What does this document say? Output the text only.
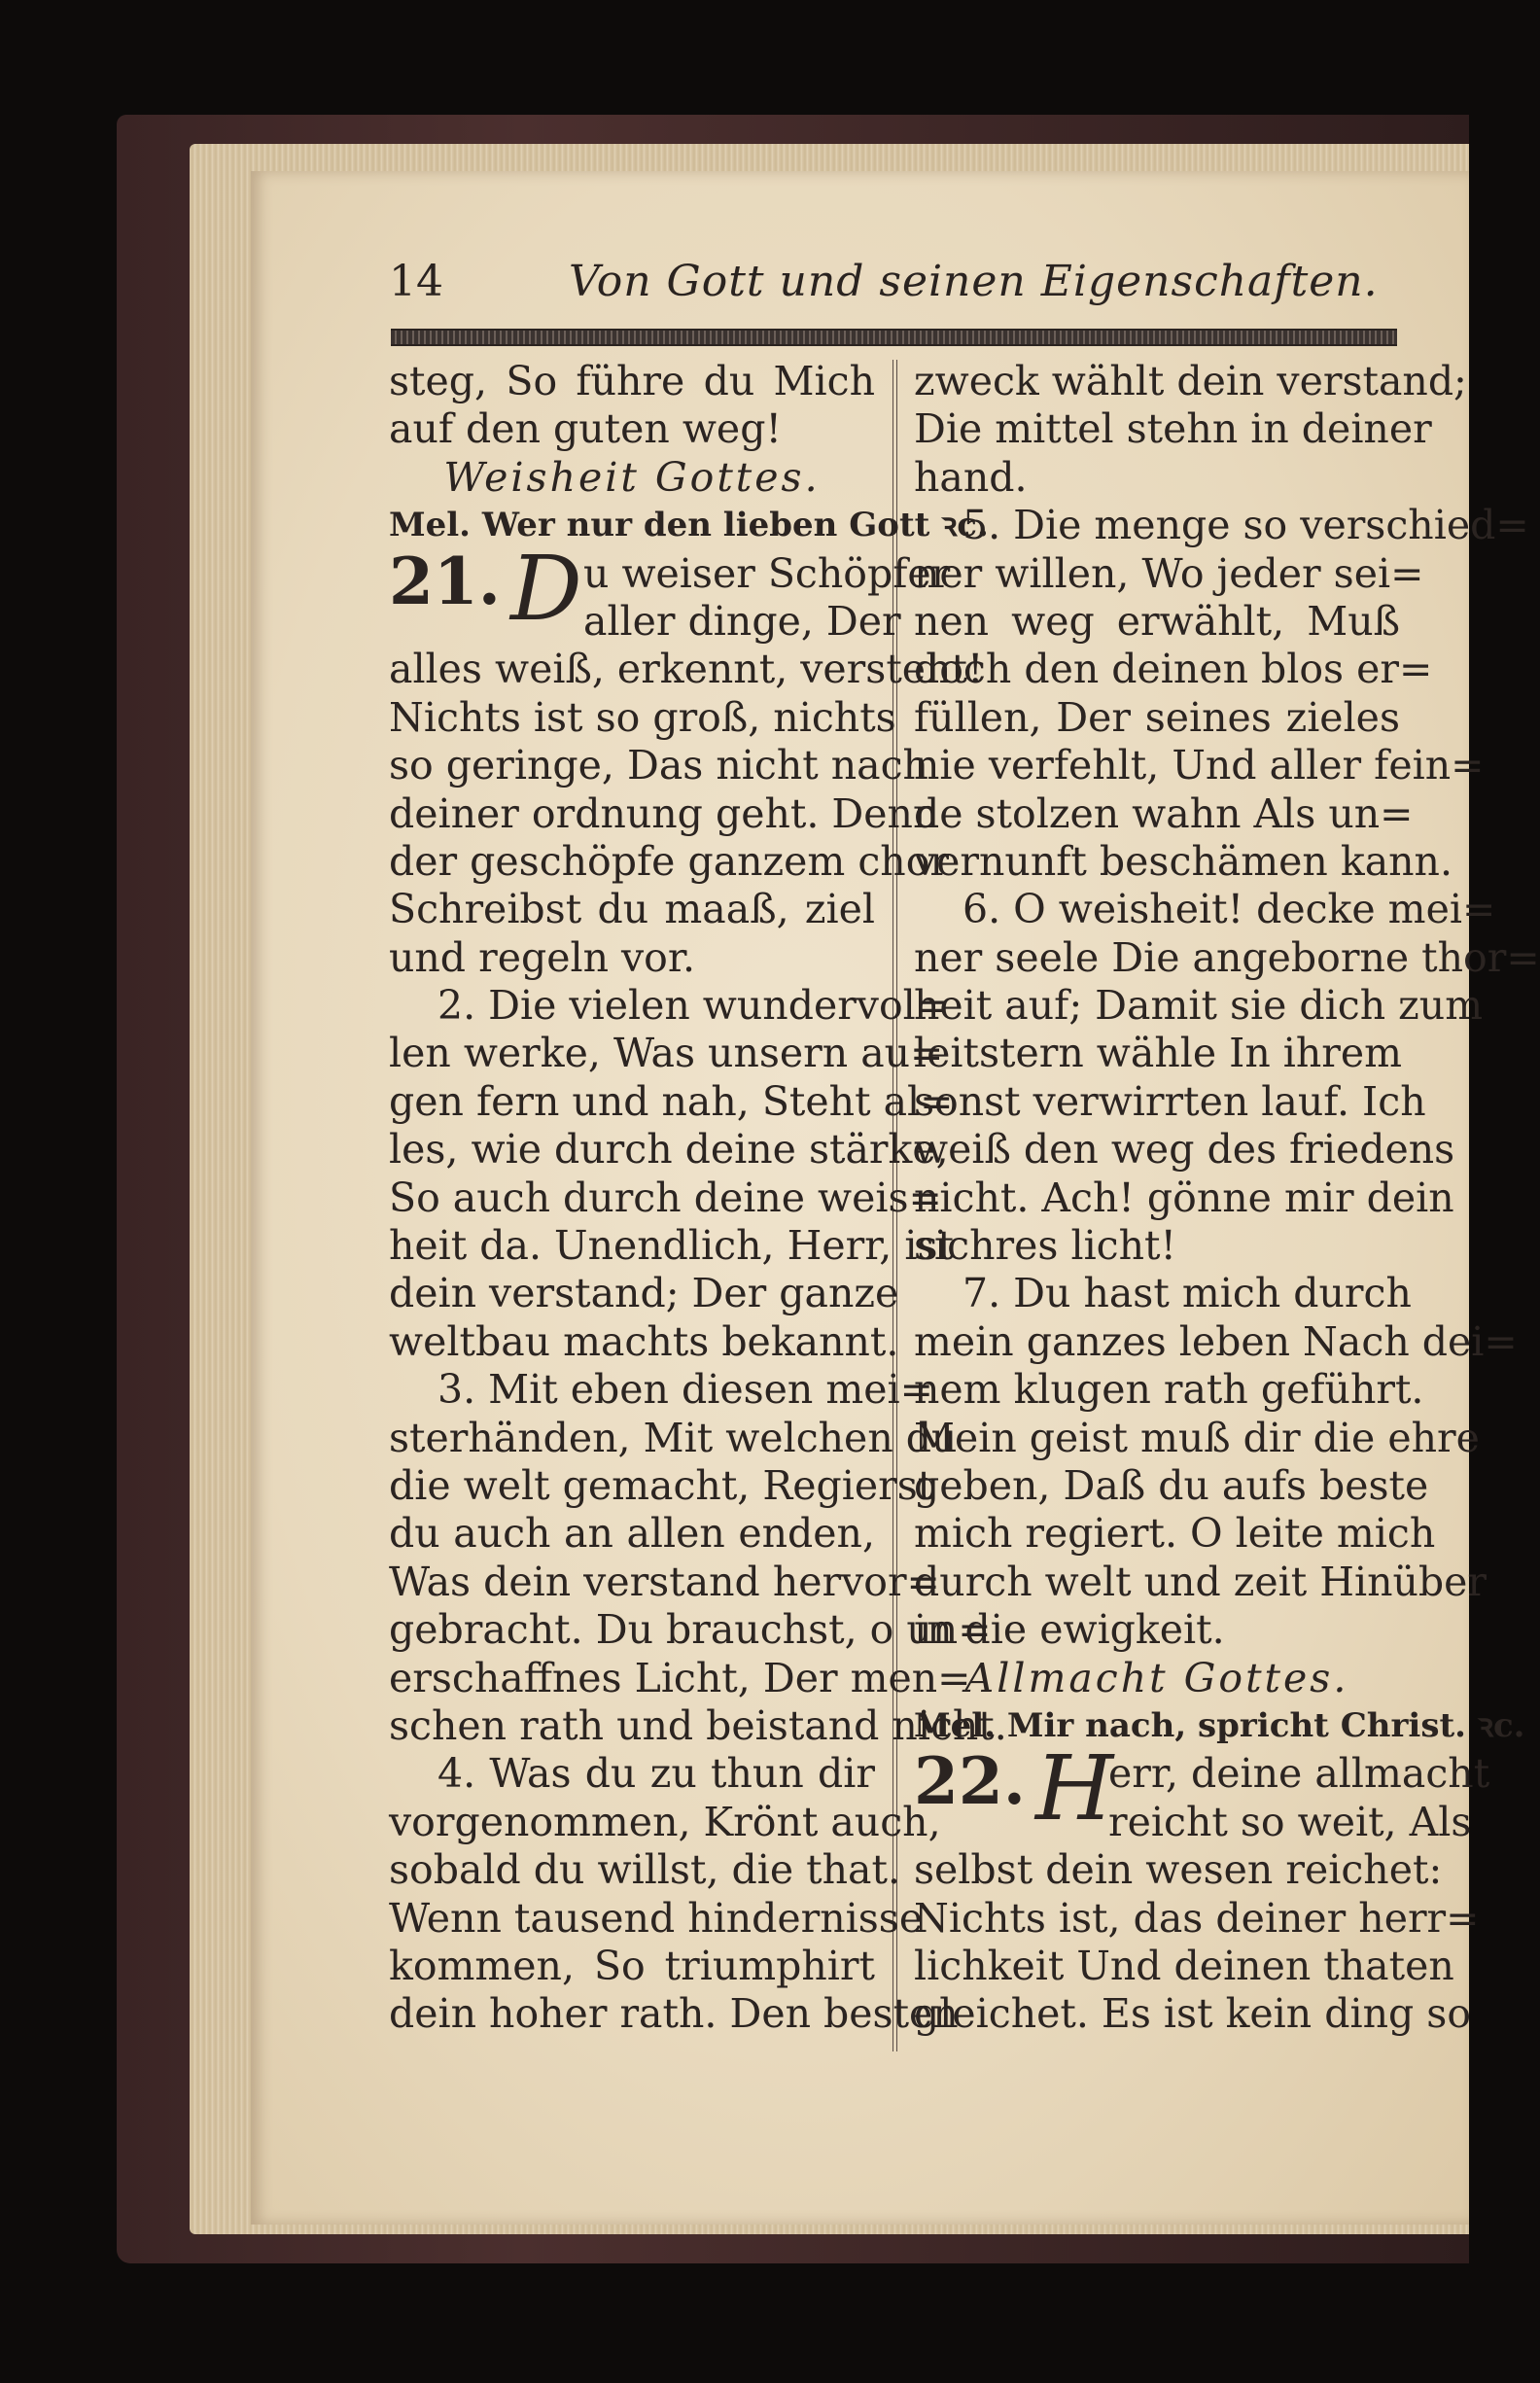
14	Von Gott und seinen Eigenschaften.
steg, So führe du Mich
auf den guten weg!
Weisheit Gottes.
Mel. Wer nur den lieben Gott ꝛc.
21. D u weiser Schöpfer
aller dinge, Der
alles weiß, erkennt, versteht!
Nichts ist so groß, nichts
so geringe, Das nicht nach
deiner ordnung geht. Denn
der geschöpfe ganzem chor
Schreibst du maaß, ziel
und regeln vor.
2. Die vielen wundervol=
len werke, Was unsern au=
gen fern und nah, Steht al=
les, wie durch deine stärke,
So auch durch deine weis=
heit da. Unendlich, Herr, ist
dein verstand; Der ganze
weltbau machts bekannt.
3. Mit eben diesen mei=
sterhänden, Mit welchen du
die welt gemacht, Regierst
du auch an allen enden,
Was dein verstand hervor=
gebracht. Du brauchst, o un=
erschaffnes Licht, Der men=
schen rath und beistand nicht.
4. Was du zu thun dir
vorgenommen, Krönt auch,
sobald du willst, die that.
Wenn tausend hindernisse
kommen, So triumphirt
dein hoher rath. Den besten
zweck wählt dein verstand;
Die mittel stehn in deiner
hand.
5. Die menge so verschied=
ner willen, Wo jeder sei=
nen weg erwählt, Muß
doch den deinen blos er=
füllen, Der seines zieles
nie verfehlt, Und aller fein=
de stolzen wahn Als un=
vernunft beschämen kann.
6. O weisheit! decke mei=
ner seele Die angeborne thor=
heit auf; Damit sie dich zum
leitstern wähle In ihrem
sonst verwirrten lauf. Ich
weiß den weg des friedens
nicht. Ach! gönne mir dein
sichres licht!
7. Du hast mich durch
mein ganzes leben Nach dei=
nem klugen rath geführt.
Mein geist muß dir die ehre
geben, Daß du aufs beste
mich regiert. O leite mich
durch welt und zeit Hinüber
in die ewigkeit.
Allmacht Gottes.
Mel. Mir nach, spricht Christ. ꝛc.
22. H
err, deine allmacht
reicht so weit, Als
selbst dein wesen reichet:
Nichts ist, das deiner herr=
lichkeit Und deinen thaten
gleichet. Es ist kein ding so
